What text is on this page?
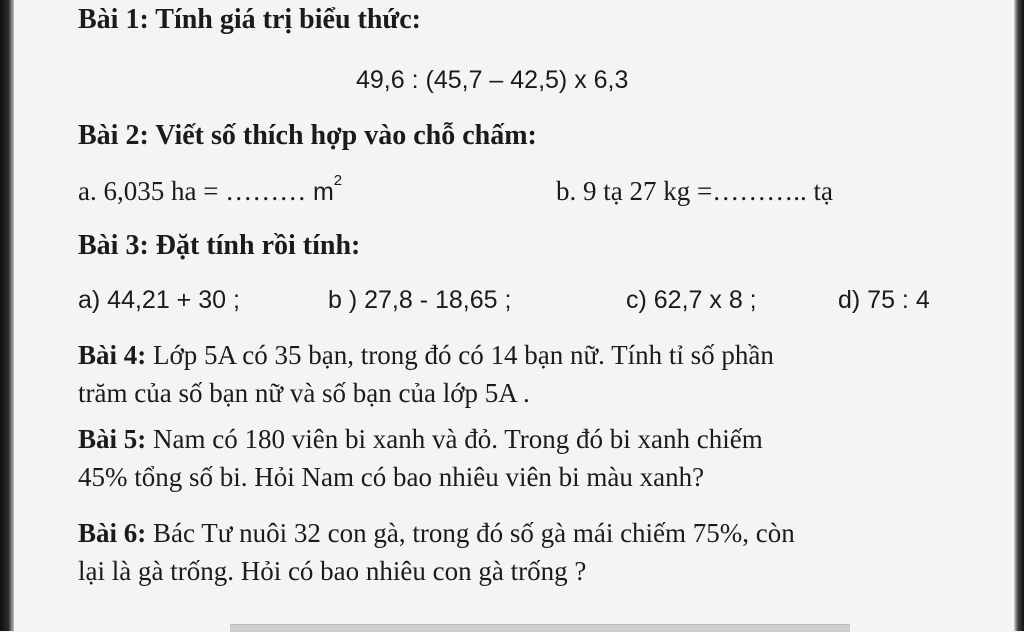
Bài 1: Tính giá trị biểu thức:
49,6 : (45,7 – 42,5) x 6,3
Bài 2: Viết số thích hợp vào chỗ chấm:
a. 6,035 ha = ……… $m^2$	b. 9 tạ 27 kg =……….. tạ
Bài 3: Đặt tính rồi tính:
a) 44,21 + 30 ;	b ) 27,8 - 18,65 ;	c) 62,7 x 8 ;	d) 75 : 4
Bài 4: Lớp 5A có 35 bạn, trong đó có 14 bạn nữ. Tính tỉ số phần
trăm của số bạn nữ và số bạn của lớp 5A .
Bài 5: Nam có 180 viên bi xanh và đỏ. Trong đó bi xanh chiếm
45% tổng số bi. Hỏi Nam có bao nhiêu viên bi màu xanh?
Bài 6: Bác Tư nuôi 32 con gà, trong đó số gà mái chiếm 75%, còn
lại là gà trống. Hỏi có bao nhiêu con gà trống ?
